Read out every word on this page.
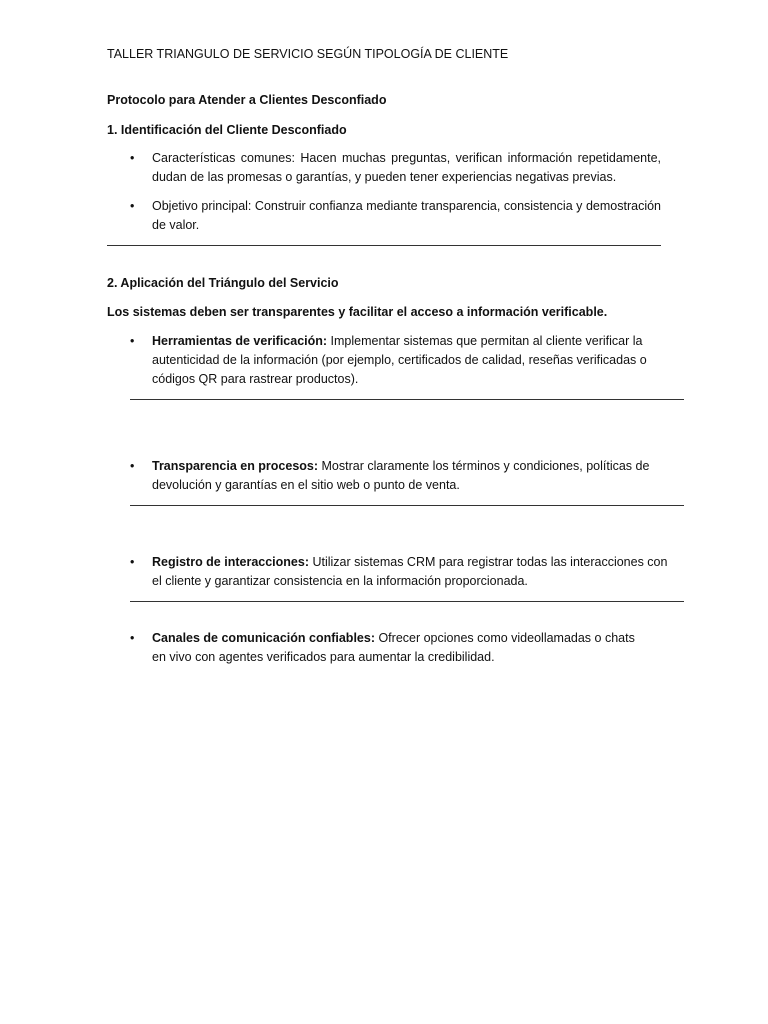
TALLER TRIANGULO DE SERVICIO SEGÚN TIPOLOGÍA DE CLIENTE
Protocolo para Atender a Clientes Desconfiado
1. Identificación del Cliente Desconfiado
• Características comunes: Hacen muchas preguntas, verifican información repetidamente, dudan de las promesas o garantías, y pueden tener experiencias negativas previas.
• Objetivo principal: Construir confianza mediante transparencia, consistencia y demostración de valor.
2. Aplicación del Triángulo del Servicio
Los sistemas deben ser transparentes y facilitar el acceso a información verificable.
• Herramientas de verificación: Implementar sistemas que permitan al cliente verificar la autenticidad de la información (por ejemplo, certificados de calidad, reseñas verificadas o códigos QR para rastrear productos).
• Transparencia en procesos: Mostrar claramente los términos y condiciones, políticas de devolución y garantías en el sitio web o punto de venta.
• Registro de interacciones: Utilizar sistemas CRM para registrar todas las interacciones con el cliente y garantizar consistencia en la información proporcionada.
• Canales de comunicación confiables: Ofrecer opciones como videollamadas o chats en vivo con agentes verificados para aumentar la credibilidad.
